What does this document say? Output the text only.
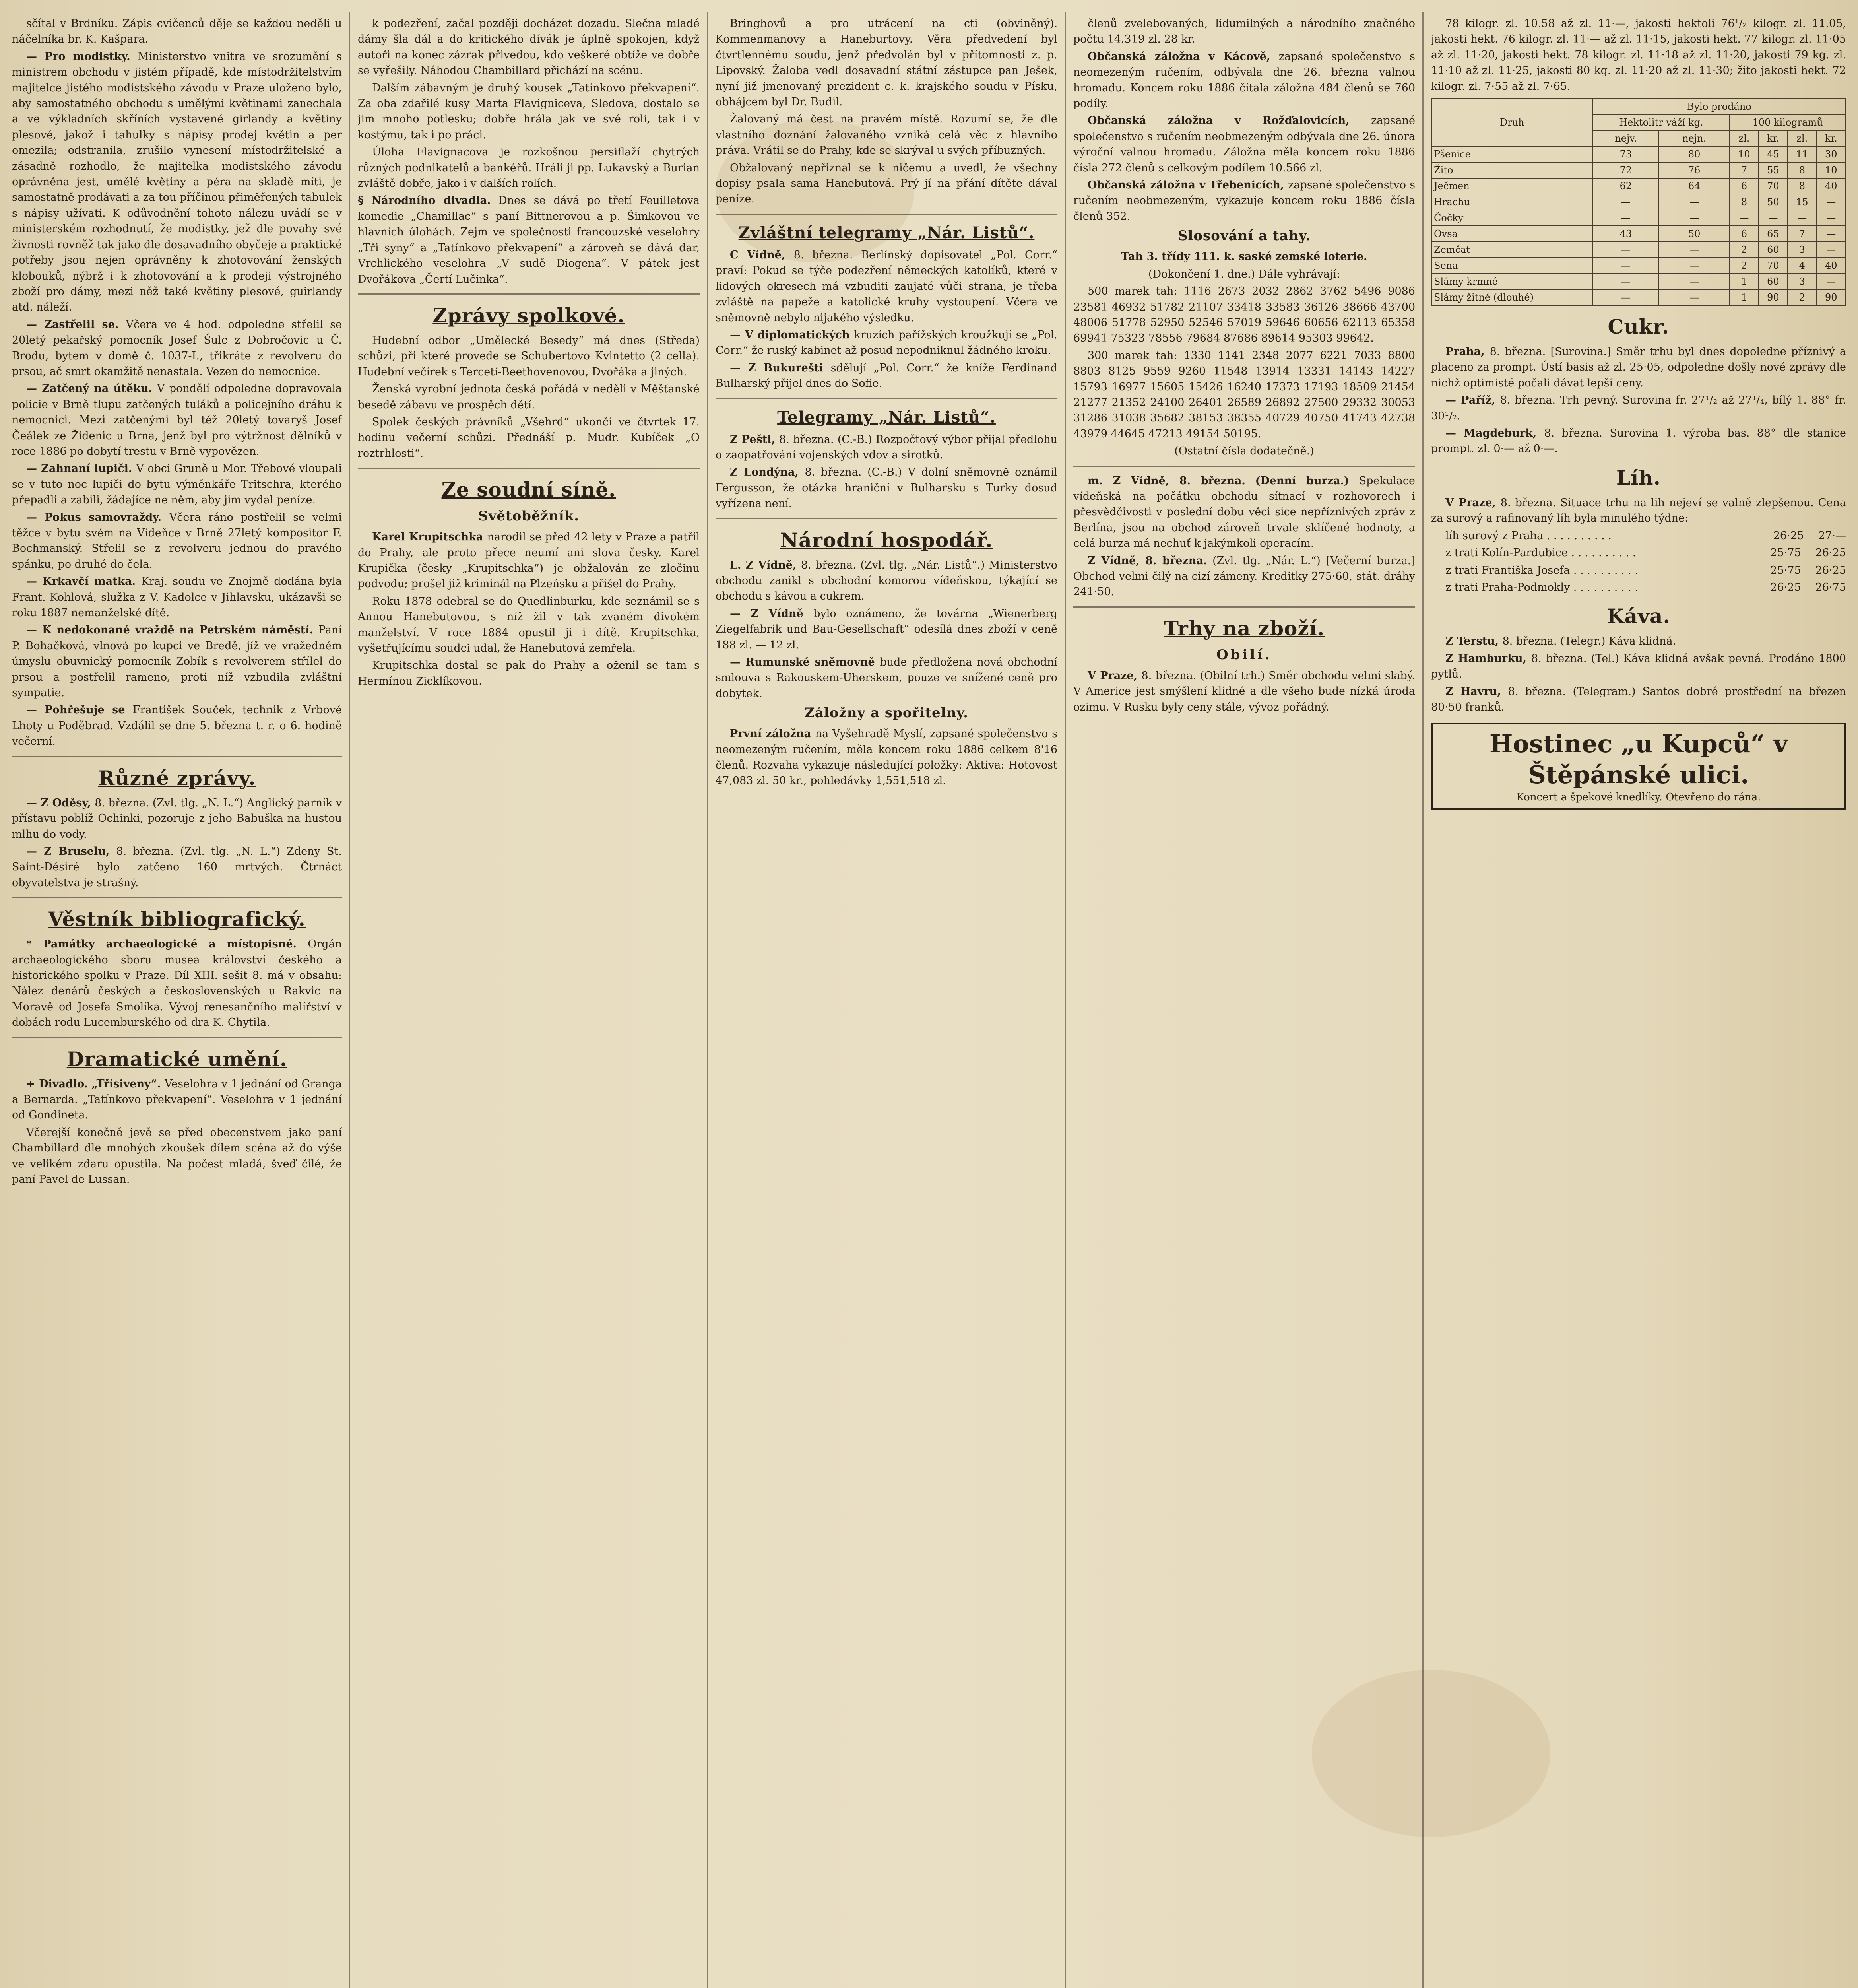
sčítal v Brdníku. Zápis cvičenců děje se každou neděli u náčelníka br. K. Kašpara.

— Pro modistky. Ministerstvo vnitra ve srozumění s ministrem obchodu v jistém případě, kde místodržitelstvím majitelce jistého modistského závodu v Praze uloženo bylo, aby samostatného obchodu s umělými květinami zanechala a ve výkladních skříních vystavené girlandy a květiny plesové, jakož i tahulky s nápisy prodej květin a per omezila; odstranila, zrušilo vynesení místodržitelské a zásadně rozhodlo, že majitelka modistského závodu oprávněna jest, umělé květiny a péra na skladě míti, je samostatně prodávati a za tou příčinou přiměřených tabulek s nápisy užívati. K odůvodnění tohoto nálezu uvádí se v ministerském rozhodnutí, že modistky, jež dle povahy své živnosti rovněž tak jako dle dosavadního obyčeje a praktické potřeby jsou nejen oprávněny k zhotovování ženských klobouků, nýbrž i k zhotovování a k prodeji výstrojného zboží pro dámy, mezi něž také květiny plesové, guirlandy atd. náleží.

— Zastřelil se. Včera ve 4 hod. odpoledne střelil se 20letý pekařský pomocník Josef Šulc z Dobročovic u Č. Brodu, bytem v domě č. 1037-I., třikráte z revolveru do prsou, ač smrt okamžitě nenastala. Vezen do nemocnice.

— Zatčený na útěku. V pondělí odpoledne dopravovala policie v Brně tlupu zatčených tuláků a policejního dráhu k nemocnici. Mezi zatčenými byl též 20letý tovaryš Josef Čeálek ze Židenic u Brna, jenž byl pro výtržnost dělníků v roce 1886 po dobytí trestu v Brně vypovězen.

— Zahnaní lupiči. V obci Gruně u Mor. Třebové vloupali se v tuto noc lupiči do bytu výměnkáře Tritschra, kterého přepadli a zabili, žádajíce ne něm, aby jim vydal peníze.

— Pokus samovraždy. Včera ráno postřelil se velmi těžce v bytu svém na Vídeňce v Brně 27letý kompositor F. Bochmanský. Střelil se z revolveru jednou do pravého spánku, po druhé do čela.

— Krkavčí matka. Kraj. soudu ve Znojmě dodána byla Frant. Kohlová, služka z V. Kadolce v Jihlavsku, ukázavši se roku 1887 nemanželské dítě.

— K nedokonané vraždě na Petrském náměstí. Paní P. Bohačková, vlnová po kupci ve Bredě, jíž ve vražedném úmyslu obuvnický pomocník Zobík s revolverem střílel do prsou a postřelil rameno, proti níž vzbudila zvláštní sympatie.

— Pohřešuje se František Souček, technik z Vrbové Lhoty u Poděbrad. Vzdálil se dne 5. března t. r. o 6. hodině večerní.

Různé zprávy.

— Z Oděsy, 8. března. (Zvl. tlg. „N. L.“) Anglický parník v přístavu poblíž Ochinki, pozoruje z jeho Babuška na hustou mlhu do vody.

— Z Bruselu, 8. března. (Zvl. tlg. „N. L.“) Zdeny St. Saint-Désiré bylo zatčeno 160 mrtvých. Čtrnáct obyvatelstva je strašný.

Věstník bibliografický.

* Památky archaeologické a místopisné. Orgán archaeologického sboru musea království českého a historického spolku v Praze. Díl XIII. sešit 8. má v obsahu: Nález denárů českých a československých u Rakvic na Moravě od Josefa Smolíka. Vývoj renesančního malířství v dobách rodu Lucemburského od dra K. Chytila.

Dramatické umění.

+ Divadlo. „Třísiveny“. Veselohra v 1 jednání od Granga a Bernarda. „Tatínkovo překvapení“. Veselohra v 1 jednání od Gondineta.

Včerejší konečně jevě se před obecenstvem jako paní Chambillard dle mnohých zkoušek dílem scéna až do výše ve velikém zdaru opustila. Na počest mladá, šveď čilé, že paní Pavel de Lussan.

k podezření, začal později docházet dozadu. Slečna mladé dámy šla dál a do kritického dívák je úplně spokojen, když autoři na konec zázrak přivedou, kdo veškeré obtíže ve dobře se vyřešily. Náhodou Chambillard přichází na scénu.

Dalším zábavným je druhý kousek „Tatínkovo překvapení“. Za oba zdařilé kusy Marta Flavigniceva, Sledova, dostalo se jim mnoho potlesku; dobře hrála jak ve své roli, tak i v kostýmu, tak i po práci.

Úloha Flavignacova je rozkošnou persiflaží chytrých různých podnikatelů a bankéřů. Hráli ji pp. Lukavský a Burian zvláště dobře, jako i v dalších rolích.

§ Národního divadla. Dnes se dává po třetí Feuilletova komedie „Chamillac“ s paní Bittnerovou a p. Šimkovou ve hlavních úlohách. Zejm ve společnosti francouzské veselohry „Tři syny“ a „Tatínkovo překvapení“ a zároveň se dává dar, Vrchlického veselohra „V sudě Diogena“. V pátek jest Dvořákova „Čertí Lučinka“.

Zprávy spolkové.

Hudební odbor „Umělecké Besedy“ má dnes (Středa) schůzi, při které provede se Schubertovo Kvintetto (2 cella). Hudební večírek s Tercetí-Beethovenovou, Dvořáka a jiných.

Ženská vyrobní jednota česká pořádá v neděli v Měšťanské besedě zábavu ve prospěch dětí.

Spolek českých právníků „Všehrd“ ukončí ve čtvrtek 17. hodinu večerní schůzi. Přednáší p. Mudr. Kubíček „O roztrhlosti“.

Ze soudní síně.
Světoběžník.

Karel Krupitschka narodil se před 42 lety v Praze a patřil do Prahy, ale proto přece neumí ani slova česky. Karel Krupička (česky „Krupitschka“) je obžalován ze zločinu podvodu; prošel již kriminál na Plzeňsku a přišel do Prahy.

Roku 1878 odebral se do Quedlinburku, kde seznámil se s Annou Hanebutovou, s níž žil v tak zvaném divokém manželství. V roce 1884 opustil ji i dítě. Krupitschka, vyšetřujícímu soudci udal, že Hanebutová zemřela.

Krupitschka dostal se pak do Prahy a oženil se tam s Hermínou Zicklíkovou.

Bringhovů a pro utrácení na cti (obviněný). Kommenmanovy a Haneburtovy. Věra předvedení byl čtvrtlennému soudu, jenž předvolán byl v přítomnosti z. p. Lipovský. Žaloba vedl dosavadní státní zástupce pan Ješek, nyní již jmenovaný prezident c. k. krajského soudu v Písku, obhájcem byl Dr. Budil.

Žalovaný má čest na pravém místě. Rozumí se, že dle vlastního doznání žalovaného vzniká celá věc z hlavního práva. Vrátil se do Prahy, kde se skrýval u svých příbuzných.

Obžalovaný nepřiznal se k ničemu a uvedl, že všechny dopisy psala sama Hanebutová. Prý jí na přání dítěte dával peníze.

Zvláštní telegramy „Nár. Listů“.

C Vídně, 8. března. Berlínský dopisovatel „Pol. Corr.“ praví: Pokud se týče podezření německých katolíků, které v lidových okresech má vzbuditi zaujaté vůči strana, je třeba zvláště na papeže a katolické kruhy vystoupení. Včera ve sněmovně nebylo nijakého výsledku.

— V diplomatických kruzích pařížských kroužkují se „Pol. Corr.“ že ruský kabinet až posud nepodniknul žádného kroku.

— Z Bukurešti sdělují „Pol. Corr.“ že kníže Ferdinand Bulharský přijel dnes do Sofie.

Telegramy „Nár. Listů“.

Z Pešti, 8. března. (C.-B.) Rozpočtový výbor přijal předlohu o zaopatřování vojenských vdov a sirotků.

Z Londýna, 8. března. (C.-B.) V dolní sněmovně oznámil Fergusson, že otázka hraniční v Bulharsku s Turky dosud vyřízena není.

Národní hospodář.

L. Z Vídně, 8. března. (Zvl. tlg. „Nár. Listů“.) Ministerstvo obchodu zanikl s obchodní komorou vídeňskou, týkající se obchodu s kávou a cukrem.

— Z Vídně bylo oznámeno, že továrna „Wienerberg Ziegelfabrik und Bau-Gesellschaft“ odesílá dnes zboží v ceně 188 zl. — 12 zl.

— Rumunské sněmovně bude předložena nová obchodní smlouva s Rakouskem-Uherskem, pouze ve snížené ceně pro dobytek.

Záložny a spořitelny.

První záložna na Vyšehradě Myslí, zapsané společenstvo s neomezeným ručením, měla koncem roku 1886 celkem 8'16 členů. Rozvaha vykazuje následující položky: Aktiva: Hotovost 47,083 zl. 50 kr., pohledávky 1,551,518 zl.

členů zvelebovaných, lidumilných a národního značného počtu 14.319 zl. 28 kr.

Občanská záložna v Kácově, zapsané společenstvo s neomezeným ručením, odbývala dne 26. března valnou hromadu. Koncem roku 1886 čítala záložna 484 členů se 760 podíly.

Občanská záložna v Rožďalovicích, zapsané společenstvo s ručením neobmezeným odbývala dne 26. února výroční valnou hromadu. Záložna měla koncem roku 1886 čísla 272 členů s celkovým podílem 10.566 zl.

Občanská záložna v Třebenicích, zapsané společenstvo s ručením neobmezeným, vykazuje koncem roku 1886 čísla členů 352.

Slosování a tahy.

Tah 3. třídy 111. k. saské zemské loterie.

(Dokončení 1. dne.) Dále vyhrávají:

500 marek tah: 1116 2673 2032 2862 3762 5496 9086 23581 46932 51782 21107 33418 33583 36126 38666 43700 48006 51778 52950 52546 57019 59646 60656 62113 65358 69941 75323 78556 79684 87686 89614 95303 99642.

300 marek tah: 1330 1141 2348 2077 6221 7033 8800 8803 8125 9559 9260 11548 13914 13331 14143 14227 15793 16977 15605 15426 16240 17373 17193 18509 21454 21277 21352 24100 26401 26589 26892 27500 29332 30053 31286 31038 35682 38153 38355 40729 40750 41743 42738 43979 44645 47213 49154 50195.

(Ostatní čísla dodatečně.)

m. Z Vídně, 8. března. (Denní burza.) Spekulace vídeňská na počátku obchodu sítnací v rozhovorech i přesvědčivosti v poslední dobu věci sice nepříznivých zpráv z Berlína, jsou na obchod zároveň trvale sklíčené hodnoty, a celá burza má nechuť k jakýmkoli operacím.

Z Vídně, 8. března. (Zvl. tlg. „Nár. L.“) [Večerní burza.] Obchod velmi čilý na cizí zámeny. Kreditky 275·60, stát. dráhy 241·50.

Trhy na zboží.
Obilí.

V Praze, 8. března. (Obilní trh.) Směr obchodu velmi slabý. V Americe jest smýšlení klidné a dle všeho bude nízká úroda ozimu. V Rusku byly ceny stále, vývoz pořádný.

78 kilogr. zl. 10.58 až zl. 11·—, jakosti hektoli 76¹/₂ kilogr. zl. 11.05, jakosti hekt. 76 kilogr. zl. 11·— až zl. 11·15, jakosti hekt. 77 kilogr. zl. 11·05 až zl. 11·20, jakosti hekt. 78 kilogr. zl. 11·18 až zl. 11·20, jakosti 79 kg. zl. 11·10 až zl. 11·25, jakosti 80 kg. zl. 11·20 až zl. 11·30; žito jakosti hekt. 72 kilogr. zl. 7·55 až zl. 7·65.

Druh	Bylo prodáno					
	Hektolitr váží kg.		100 kilogramů			
	nejv.	nejn.	zl.	kr.	zl.	kr.
Pšenice	73	80	10	45	11	30
Žito	72	76	7	55	8	10
Ječmen	62	64	6	70	8	40
Hrachu	—	—	8	50	15	—
Čočky	—	—	—	—	—	—
Ovsa	43	50	6	65	7	—
Zemčat	—	—	2	60	3	—
Sena	—	—	2	70	4	40
Slámy krmné	—	—	1	60	3	—
Slámy žitné (dlouhé)	—	—	1	90	2	90
Cukr.

Praha, 8. března. [Surovina.] Směr trhu byl dnes dopoledne příznivý a placeno za prompt. Ústí basis až zl. 25·05, odpoledne došly nové zprávy dle nichž optimisté počali dávat lepší ceny.

— Paříž, 8. března. Trh pevný. Surovina fr. 27¹/₂ až 27¹/₄, bílý 1. 88° fr. 30¹/₂.

— Magdeburk, 8. března. Surovina 1. výroba bas. 88° dle stanice prompt. zl. 0·— až 0·—.

Líh.

V Praze, 8. března. Situace trhu na lih nejeví se valně zlepšenou. Cena za surový a rafinovaný líh byla minulého týdne:

líh surový z Praha . . . . . . . . . .	26·25	27·—

z trati Kolín-Pardubice . . . . . . . . . .	25·75	26·25

z trati Františka Josefa . . . . . . . . . .	25·75	26·25

z trati Praha-Podmokly . . . . . . . . . .	26·25	26·75

Káva.

Z Terstu, 8. března. (Telegr.) Káva klidná.

Z Hamburku, 8. března. (Tel.) Káva klidná avšak pevná. Prodáno 1800 pytlů.

Z Havru, 8. března. (Telegram.) Santos dobré prostřední na březen 80·50 franků.

Hostinec „u Kupců“ v Štěpánské ulici.
Koncert a špekové knedlíky. Otevřeno do rána.
